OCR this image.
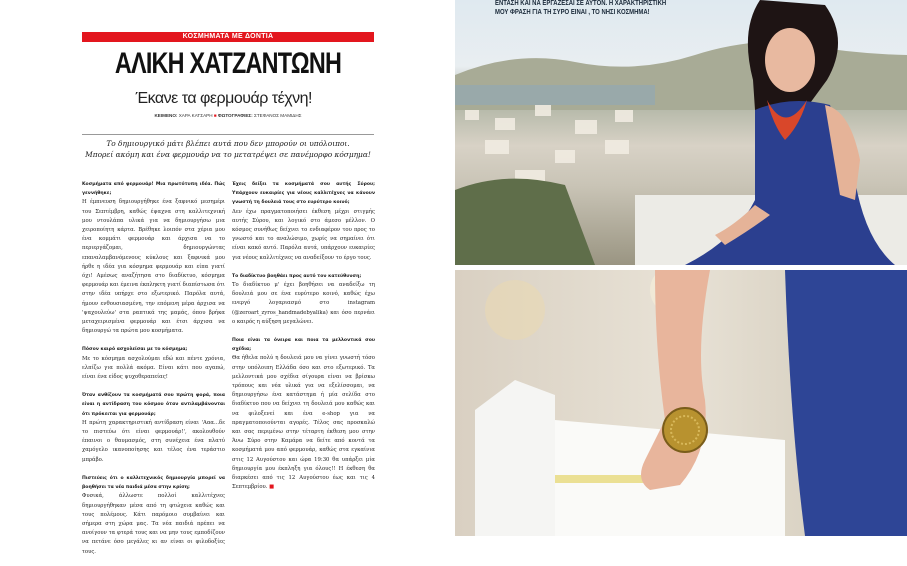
ΚΟΣΜΗΜΑΤΑ ΜΕ ΔΟΝΤΙΑ
ΑΛΙΚΗ ΧΑΤΖΑΝΤΩΝΗ
Έκανε τα φερμουάρ τέχνη!
ΚΕΙΜΕΝΟ: ΧΑΡΑ ΚΑΤΣΑΡΗ ■ ΦΩΤΟΓΡΑΦΙΕΣ: ΣΤΕΦΑΝΟΣ ΜΑΜΙΔΗΣ
Το δημιουργικό μάτι βλέπει αυτά που δεν μπορούν οι υπόλοιποι.
Μπορεί ακόμη και ένα φερμουάρ να το μετατρέψει σε πανέμορφο κόσμημα!

Κοσμήματα από φερμουάρ! Μια πρωτότυπη ιδέα. Πώς γεννήθηκε;
Η έμπνευση δημιουργήθηκε ένα ξαφνικό μεσημέρι του Σεπτέμβρη, καθώς έψαχνα στη καλλιτεχνική μου ντουλάπα υλικά για να δημιουργήσω μια χειροποίητη κάρτα. Βρέθηκε λοιπόν στα χέρια μου ένα κομμάτι φερμουάρ και άρχισα να το περιεργάζομαι, δημιουργώντας επαναλαμβανόμενους κύκλους και ξαφνικά μου ήρθε η ιδέα για κόσμημα φερμουάρ και είπα γιατί όχι! Αμέσως αναζήτησα στο διαδίκτυο, κόσμημα φερμουάρ και έμεινα έκπληκτη γιατί διαπίστωσα ότι στην ιδέα υπήρχε στο εξωτερικό. Παρόλα αυτά, ήμουν ενθουσιασμένη, την επόμενη μέρα άρχισα να 'ψαχουλεύω' στα ραπτικά της μαμάς, όπου βρήκα μεταχειρισμένα φερμουάρ και έτσι άρχισα να δημιουργώ τα πρώτα μου κοσμήματα.

Πόσον καιρό ασχολείσαι με το κόσμημα;
Με το κόσμημα ασχολούμαι εδώ και πέντε χρόνια, ελπίζω για πολλά ακόμα. Είναι κάτι που αγαπώ, είναι ένα είδος ψυχοθεραπείας!

Όταν ανθίζουν τα κοσμήματά σου πρώτη φορά, ποια είναι η αντίδραση του κόσμου όταν αντιλαμβάνονται ότι πρόκειται για φερμουάρ;
Η πρώτη χαρακτηριστική αντίδραση είναι 'Ααα...δε το πιστεύω ότι είναι φερμουάρ!', ακολουθούν έπαινοι ο θαυμασμός, στη συνέχεια ένα πλατύ χαμόγελο ικανοποίησης και τέλος ένα τεράστιο μπράβο.

Πιστεύεις ότι ο καλλιτεχνικός δημιουργία μπορεί να βοηθήσει τα νέα παιδιά μέσα στην κρίση;
Φυσικά, άλλωστε πολλοί καλλιτέχνες δημιουργήθηκαν μέσα από τη φτώχεια καθώς και τους πολέμους. Κάτι παρόμοιο συμβαίνει και σήμερα στη χώρα μας. Τα νέα παιδιά πρέπει να ανοίγουν τα φτερά τους και να μην τους εμποδίζουν να πετάνε όσο μεγάλες κι αν είναι οι φιλοδοξίες τους.

Έχεις δείξει τα κοσμήματά σου αυτής Σύρου; Υπάρχουν ευκαιρίες για νέους καλλιτέχνες να κάνουν γνωστή τη δουλειά τους στο ευρύτερο κοινό;
Δεν έχω πραγματοποιήσει έκθεση μέχρι στιγμής αυτής Σύρου, και λογικό στο άμεσο μέλλον. Ο κόσμος συνήθως δείχνει το ενδιαφέρον του προς το γνωστό και το αναλώσιμο, χωρίς να σημαίνει ότι είναι κακό αυτό. Παρόλα αυτά, υπάρχουν ευκαιρίες για νέους καλλιτέχνες να αναδείξουν το έργο τους.

Το διαδίκτυο βοηθάει προς αυτό τον κατεύθυνση;
Το διαδίκτυο μ' έχει βοηθήσει να αναδείξω τη δουλειά μου σε ένα ευρύτερο κοινό, καθώς έχω ενεργό λογαριασμό στο instagram (@zeroart_zyros_handmadebyalika) και όσο περνάει ο καιρός η αύξηση μεγαλώνει.

Ποια είναι τα όνειρα και ποια τα μελλοντικά σου σχέδια;
Θα ήθελα πολύ η δουλειά μου να γίνει γνωστή τόσο στην υπόλοιπη Ελλάδα όσο και στο εξωτερικό. Τα μελλοντικά μου σχέδια σίγουρα είναι να βρίσκω τρόπους και νέα υλικά για να εξελίσσομαι, να δημιουργήσω ένα κατάστημα ή μία σελίδα στο διαδίκτυο που να δείχνει τη δουλειά μου καθώς και να φιλοξενεί και ένα e-shop για να πραγματοποιούνται αγορές. Τέλος σας προσκαλώ και σας περιμένω στην τέταρτη έκθεση μου στην Άνω Σύρο στην Καμάρα να δείτε από κοντά τα κοσμήματά μου από φερμουάρ, καθώς στα εγκαίνια στις 12 Αυγούστου και ώρα 19:30 θα υπάρξει μία δημιουργία μου έκπληξη για όλους!! Η έκθεση θα διαρκέσει από τις 12 Αυγούστου έως και τις 4 Σεπτεμβρίου. ■

ΕΝΤΑΣΗ ΚΑΙ ΝΑ ΕΡΓΑΖΕΣΑΙ ΣΕ ΑΥΤΟΝ. Η ΧΑΡΑΚΤΗΡΙΣΤΙΚΗ
ΜΟΥ ΦΡΑΣΗ ΓΙΑ ΤΗ ΣΥΡΟ ΕΙΝΑΙ , ΤΟ ΝΗΣΙ ΚΟΣΜΗΜΑ!
